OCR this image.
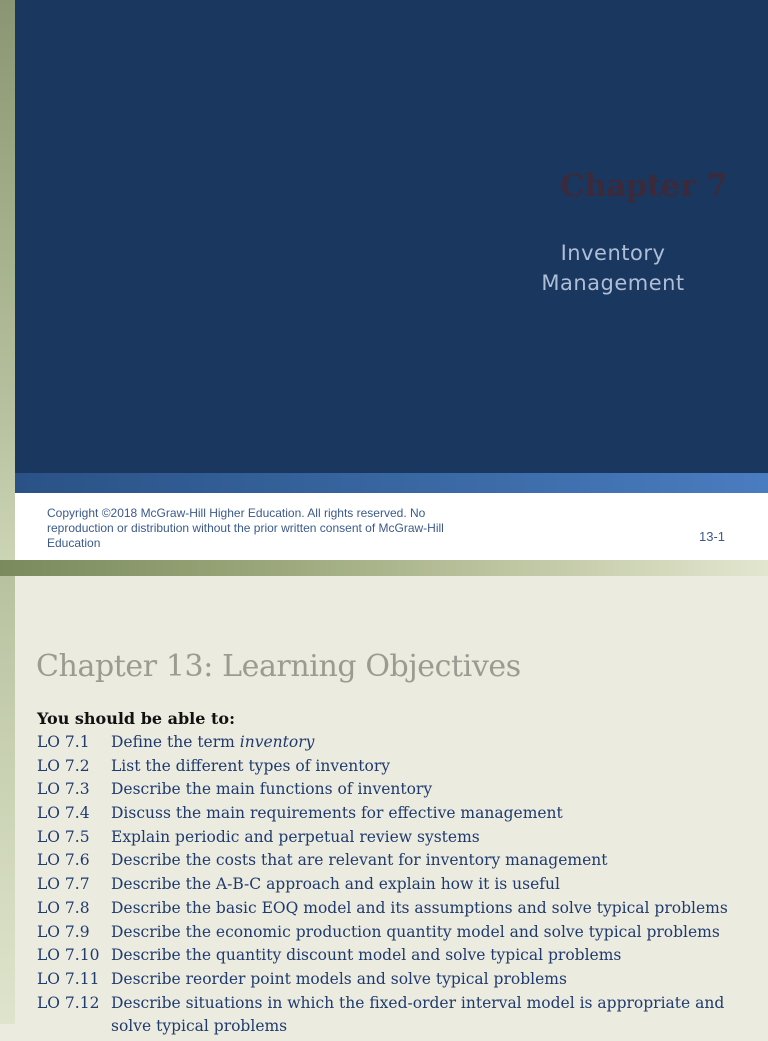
Chapter 7
Inventory
Management
Copyright ©2018 McGraw-Hill Higher Education. All rights reserved. No reproduction or distribution without the prior written consent of McGraw-Hill Education	13-1
Chapter 13: Learning Objectives
You should be able to:
LO 7.1 Define the term inventory
LO 7.2 List the different types of inventory
LO 7.3 Describe the main functions of inventory
LO 7.4 Discuss the main requirements for effective management
LO 7.5 Explain periodic and perpetual review systems
LO 7.6 Describe the costs that are relevant for inventory management
LO 7.7 Describe the A-B-C approach and explain how it is useful
LO 7.8 Describe the basic EOQ model and its assumptions and solve typical problems
LO 7.9 Describe the economic production quantity model and solve typical problems
LO 7.10 Describe the quantity discount model and solve typical problems
LO 7.11 Describe reorder point models and solve typical problems
LO 7.12 Describe situations in which the fixed-order interval model is appropriate and
solve typical problems
